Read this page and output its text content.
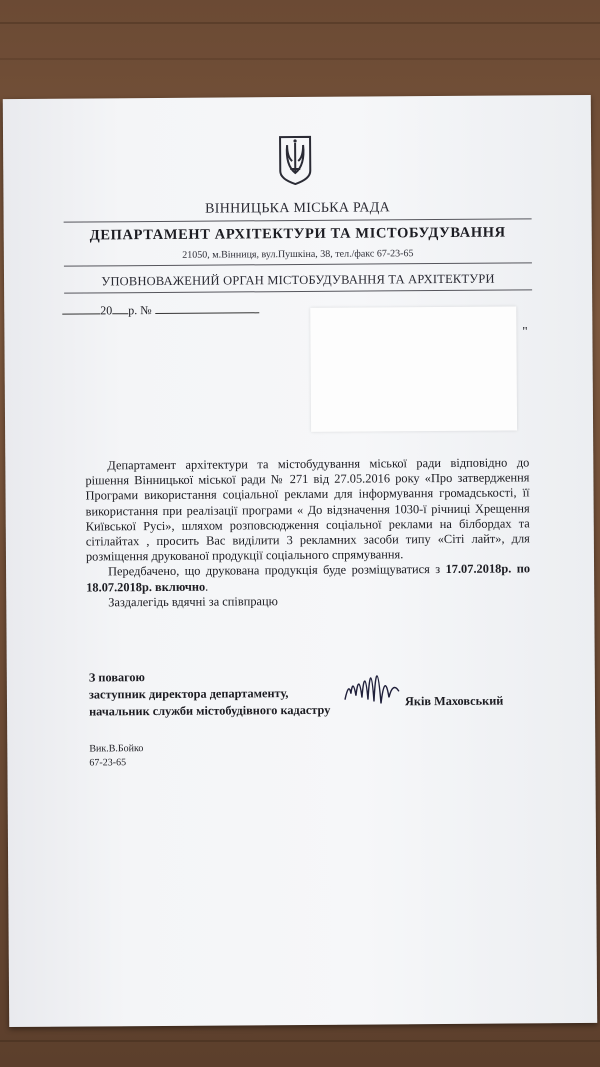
ВІННИЦЬКА МІСЬКА РАДА
ДЕПАРТАМЕНТ АРХІТЕКТУРИ ТА МІСТОБУДУВАННЯ
21050, м.Вінниця, вул.Пушкіна, 38, тел./факс 67-23-65
УПОВНОВАЖЕНИЙ ОРГАН МІСТОБУДУВАННЯ ТА АРХІТЕКТУРИ
20 р. №
"

Департамент архітектури та містобудування міської ради відповідно до рішення Вінницької міської ради № 271 від 27.05.2016 року «Про затвердження Програми використання соціальної реклами для інформування громадськості, її використання при реалізації програми « До відзначення 1030-ї річниці Хрещення Київської Русі», шляхом розповсюдження соціальної реклами на білбордах та сітілайтах , просить Вас виділити 3 рекламних засоби типу «Сіті лайт», для розміщення друкованої продукції соціального спрямування.

Передбачено, що друкована продукція буде розміщуватися з 17.07.2018р. по 18.07.2018р. включно.

Заздалегідь вдячні за співпрацю

З повагою
заступник директора департаменту,
начальник служби містобудівного кадастру
Яків Маховський
Вик.В.Бойко
67-23-65
